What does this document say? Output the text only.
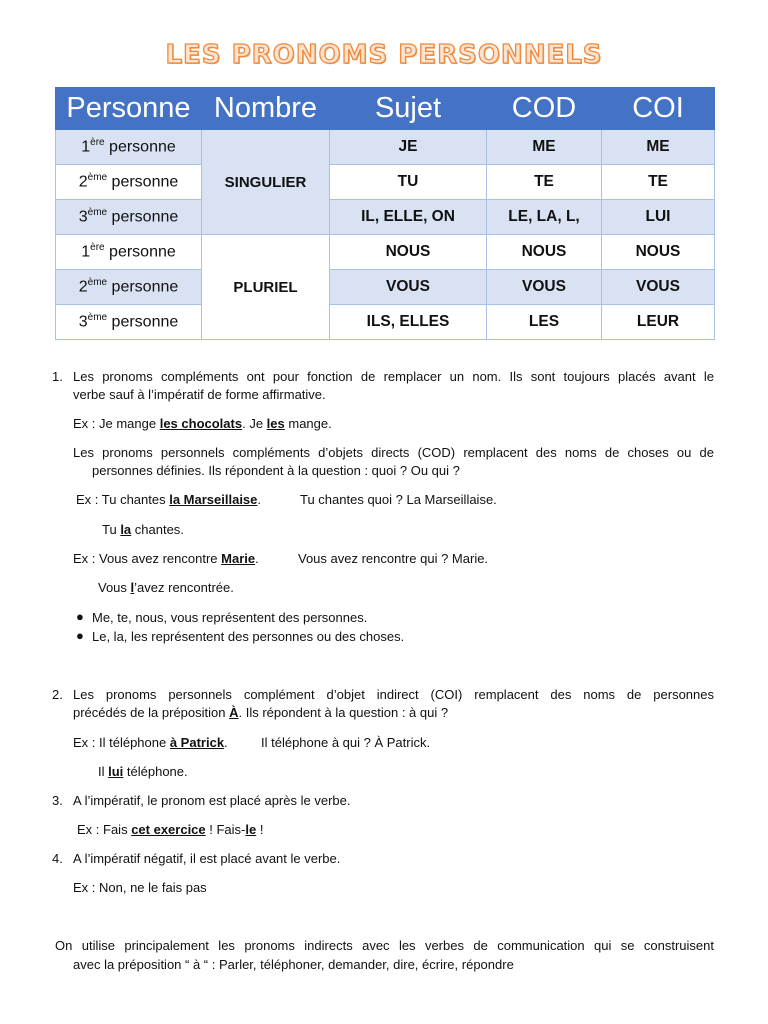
LES PRONOMS PERSONNELS
Personne	Nombre	Sujet	COD	COI
1ère personne	SINGULIER	JE	ME	ME
2ème personne		TU	TE	TE
3ème personne		IL, ELLE, ON	LE, LA, L,	LUI
1ère personne	PLURIEL	NOUS	NOUS	NOUS
2ème personne		VOUS	VOUS	VOUS
3ème personne		ILS, ELLES	LES	LEUR
1. Les pronoms compléments ont pour fonction de remplacer un nom. Ils sont toujours placés avant le
verbe sauf à l’impératif de forme affirmative.
Ex : Je mange les chocolats. Je les mange.
Les pronoms personnels compléments d’objets directs (COD) remplacent des noms de choses ou de
personnes définies. Ils répondent à la question : quoi ? Ou qui ?
Ex : Tu chantes la Marseillaise.	Tu chantes quoi ? La Marseillaise.
Tu la chantes.
Ex : Vous avez rencontre Marie.	Vous avez rencontre qui ? Marie.
Vous l’avez rencontrée.
● Me, te, nous, vous représentent des personnes.
● Le, la, les représentent des personnes ou des choses.
2. Les pronoms personnels complément d’objet indirect (COI) remplacent des noms de personnes
précédés de la préposition À. Ils répondent à la question : à qui ?
Ex : Il téléphone à Patrick.	Il téléphone à qui ? À Patrick.
Il lui téléphone.
3. A l’impératif, le pronom est placé après le verbe.
Ex : Fais cet exercice ! Fais-le !
4. A l’impératif négatif, il est placé avant le verbe.
Ex : Non, ne le fais pas
On utilise principalement les pronoms indirects avec les verbes de communication qui se construisent
avec la préposition “ à “ : Parler, téléphoner, demander, dire, écrire, répondre
